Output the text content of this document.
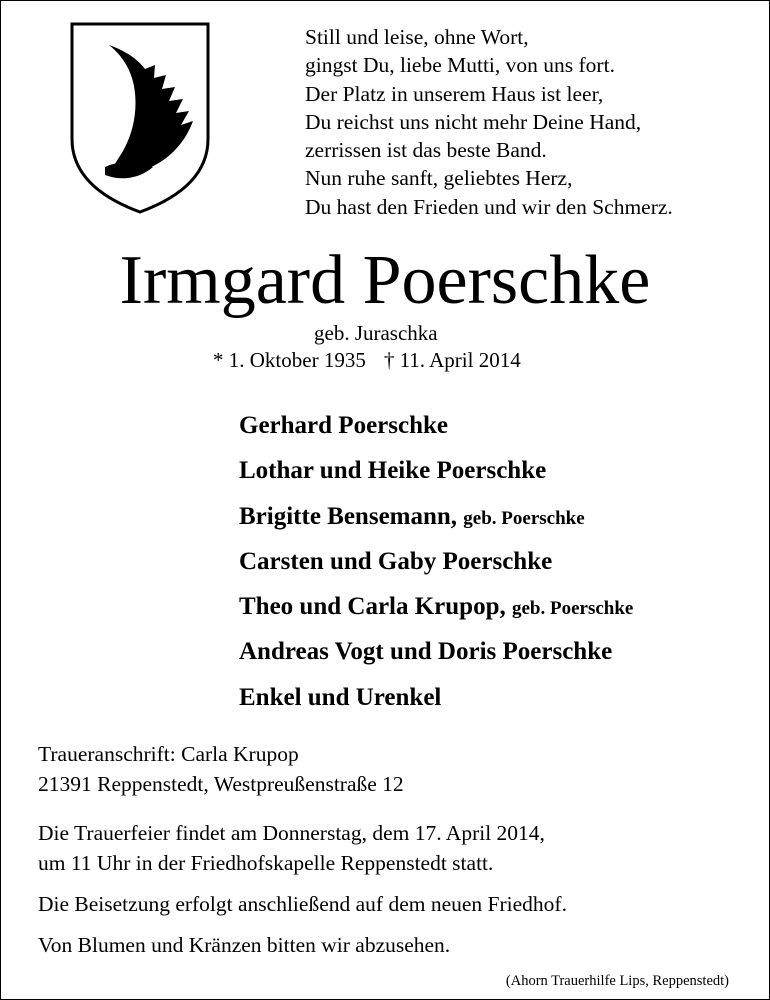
Still und leise, ohne Wort,
gingst Du, liebe Mutti, von uns fort.
Der Platz in unserem Haus ist leer,
Du reichst uns nicht mehr Deine Hand,
zerrissen ist das beste Band.
Nun ruhe sanft, geliebtes Herz,
Du hast den Frieden und wir den Schmerz.
Irmgard Poerschke
geb. Juraschka
* 1. Oktober 1935 † 11. April 2014
Gerhard Poerschke
Lothar und Heike Poerschke
Brigitte Bensemann, geb. Poerschke
Carsten und Gaby Poerschke
Theo und Carla Krupop, geb. Poerschke
Andreas Vogt und Doris Poerschke
Enkel und Urenkel
Traueranschrift: Carla Krupop
21391 Reppenstedt, Westpreußenstraße 12
Die Trauerfeier findet am Donnerstag, dem 17. April 2014,
um 11 Uhr in der Friedhofskapelle Reppenstedt statt.
Die Beisetzung erfolgt anschließend auf dem neuen Friedhof.
Von Blumen und Kränzen bitten wir abzusehen.
(Ahorn Trauerhilfe Lips, Reppenstedt)
